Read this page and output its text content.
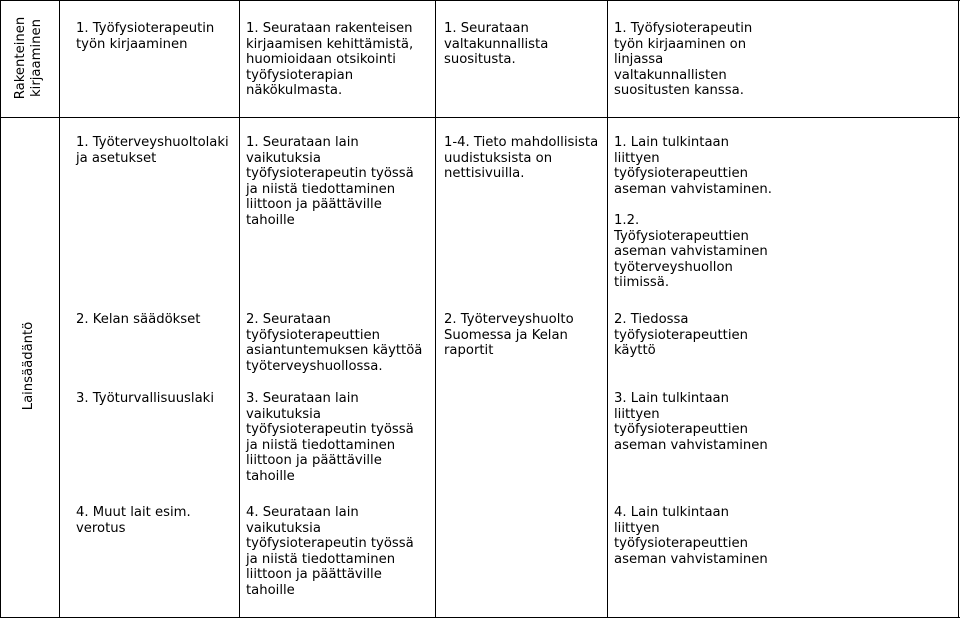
Rakenteinen
kirjaaminen
Lainsäädäntö
1. Työfysioterapeutin
työn kirjaaminen
1. Seurataan rakenteisen
kirjaamisen kehittämistä,
huomioidaan otsikointi
työfysioterapian
näkökulmasta.
1. Seurataan
valtakunnallista
suositusta.
1. Työfysioterapeutin
työn kirjaaminen on
linjassa
valtakunnallisten
suositusten kanssa.
1. Työterveyshuoltolaki
ja asetukset
1. Seurataan lain
vaikutuksia
työfysioterapeutin työssä
ja niistä tiedottaminen
liittoon ja päättäville
tahoille
1-4. Tieto mahdollisista
uudistuksista on
nettisivuilla.
1. Lain tulkintaan
liittyen
työfysioterapeuttien
aseman vahvistaminen.

1.2.
Työfysioterapeuttien
aseman vahvistaminen
työterveyshuollon
tiimissä.
2. Kelan säädökset	2. Seurataan
työfysioterapeuttien
asiantuntemuksen käyttöä
työterveyshuollossa.
2. Työterveyshuolto
Suomessa ja Kelan
raportit
2. Tiedossa
työfysioterapeuttien
käyttö
3. Työturvallisuuslaki 3. Seurataan lain
vaikutuksia
työfysioterapeutin työssä
ja niistä tiedottaminen
liittoon ja päättäville
tahoille
3. Lain tulkintaan
liittyen
työfysioterapeuttien
aseman vahvistaminen
4. Muut lait esim.
verotus
4. Seurataan lain
vaikutuksia
työfysioterapeutin työssä
ja niistä tiedottaminen
liittoon ja päättäville
tahoille
4. Lain tulkintaan
liittyen
työfysioterapeuttien
aseman vahvistaminen
